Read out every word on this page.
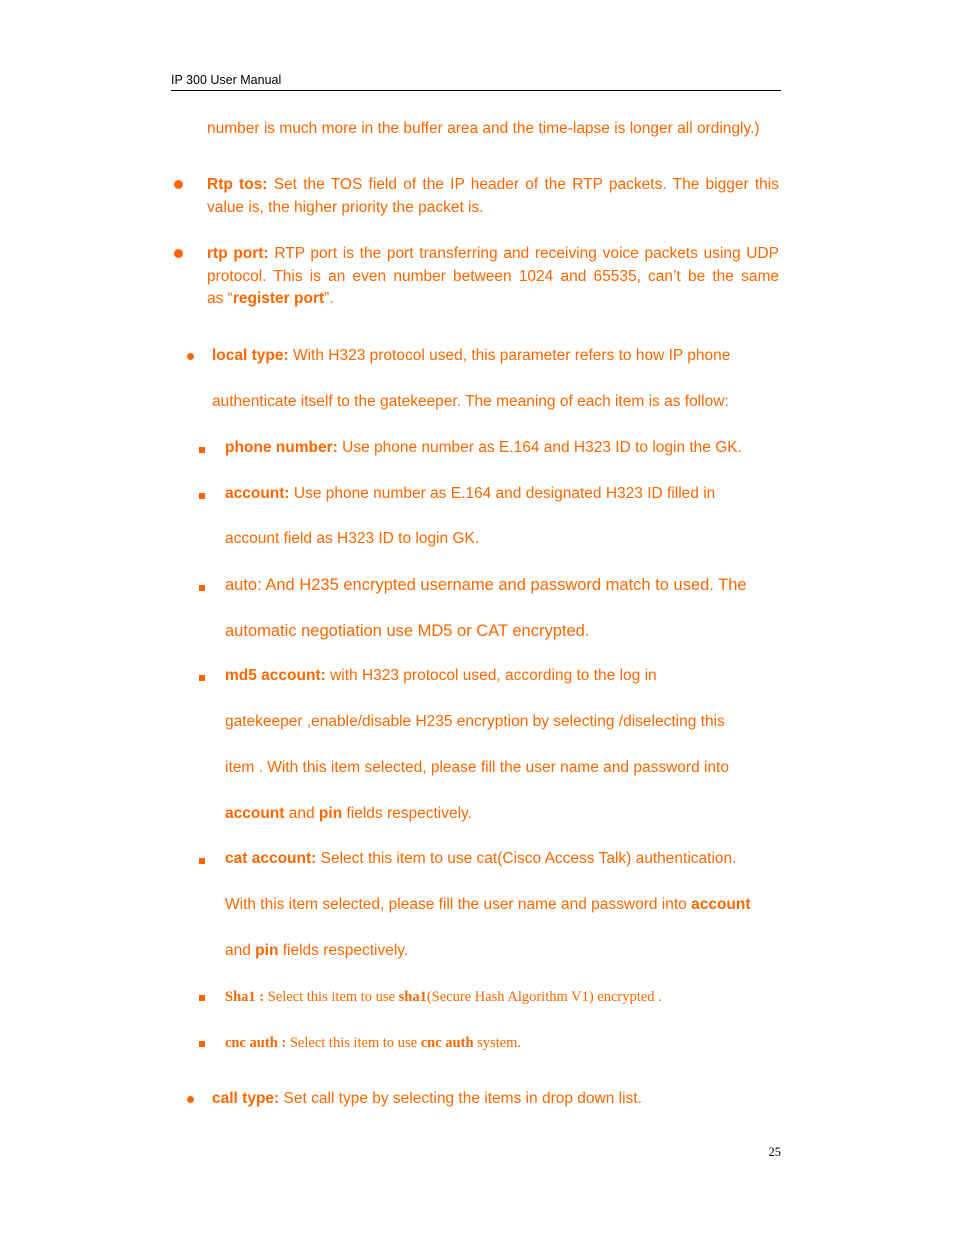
IP 300 User Manual
number is much more in the buffer area and the time-lapse is longer all ordingly.)
Rtp tos: Set the TOS field of the IP header of the RTP packets. The bigger this
value is, the higher priority the packet is.
rtp port: RTP port is the port transferring and receiving voice packets using UDP
protocol. This is an even number between 1024 and 65535, can’t be the same
as “register port”.
local type: With H323 protocol used, this parameter refers to how IP phone
authenticate itself to the gatekeeper. The meaning of each item is as follow:
phone number: Use phone number as E.164 and H323 ID to login the GK.
account: Use phone number as E.164 and designated H323 ID filled in
account field as H323 ID to login GK.
auto: And H235 encrypted username and password match to used. The
automatic negotiation use MD5 or CAT encrypted.
md5 account: with H323 protocol used, according to the log in
gatekeeper ,enable/disable H235 encryption by selecting /diselecting this
item . With this item selected, please fill the user name and password into
account and pin fields respectively.
cat account: Select this item to use cat(Cisco Access Talk) authentication.
With this item selected, please fill the user name and password into account
and pin fields respectively.
Sha1 : Select this item to use sha1(Secure Hash Algorithm V1) encrypted .
cnc auth : Select this item to use cnc auth system.
call type: Set call type by selecting the items in drop down list.
25
